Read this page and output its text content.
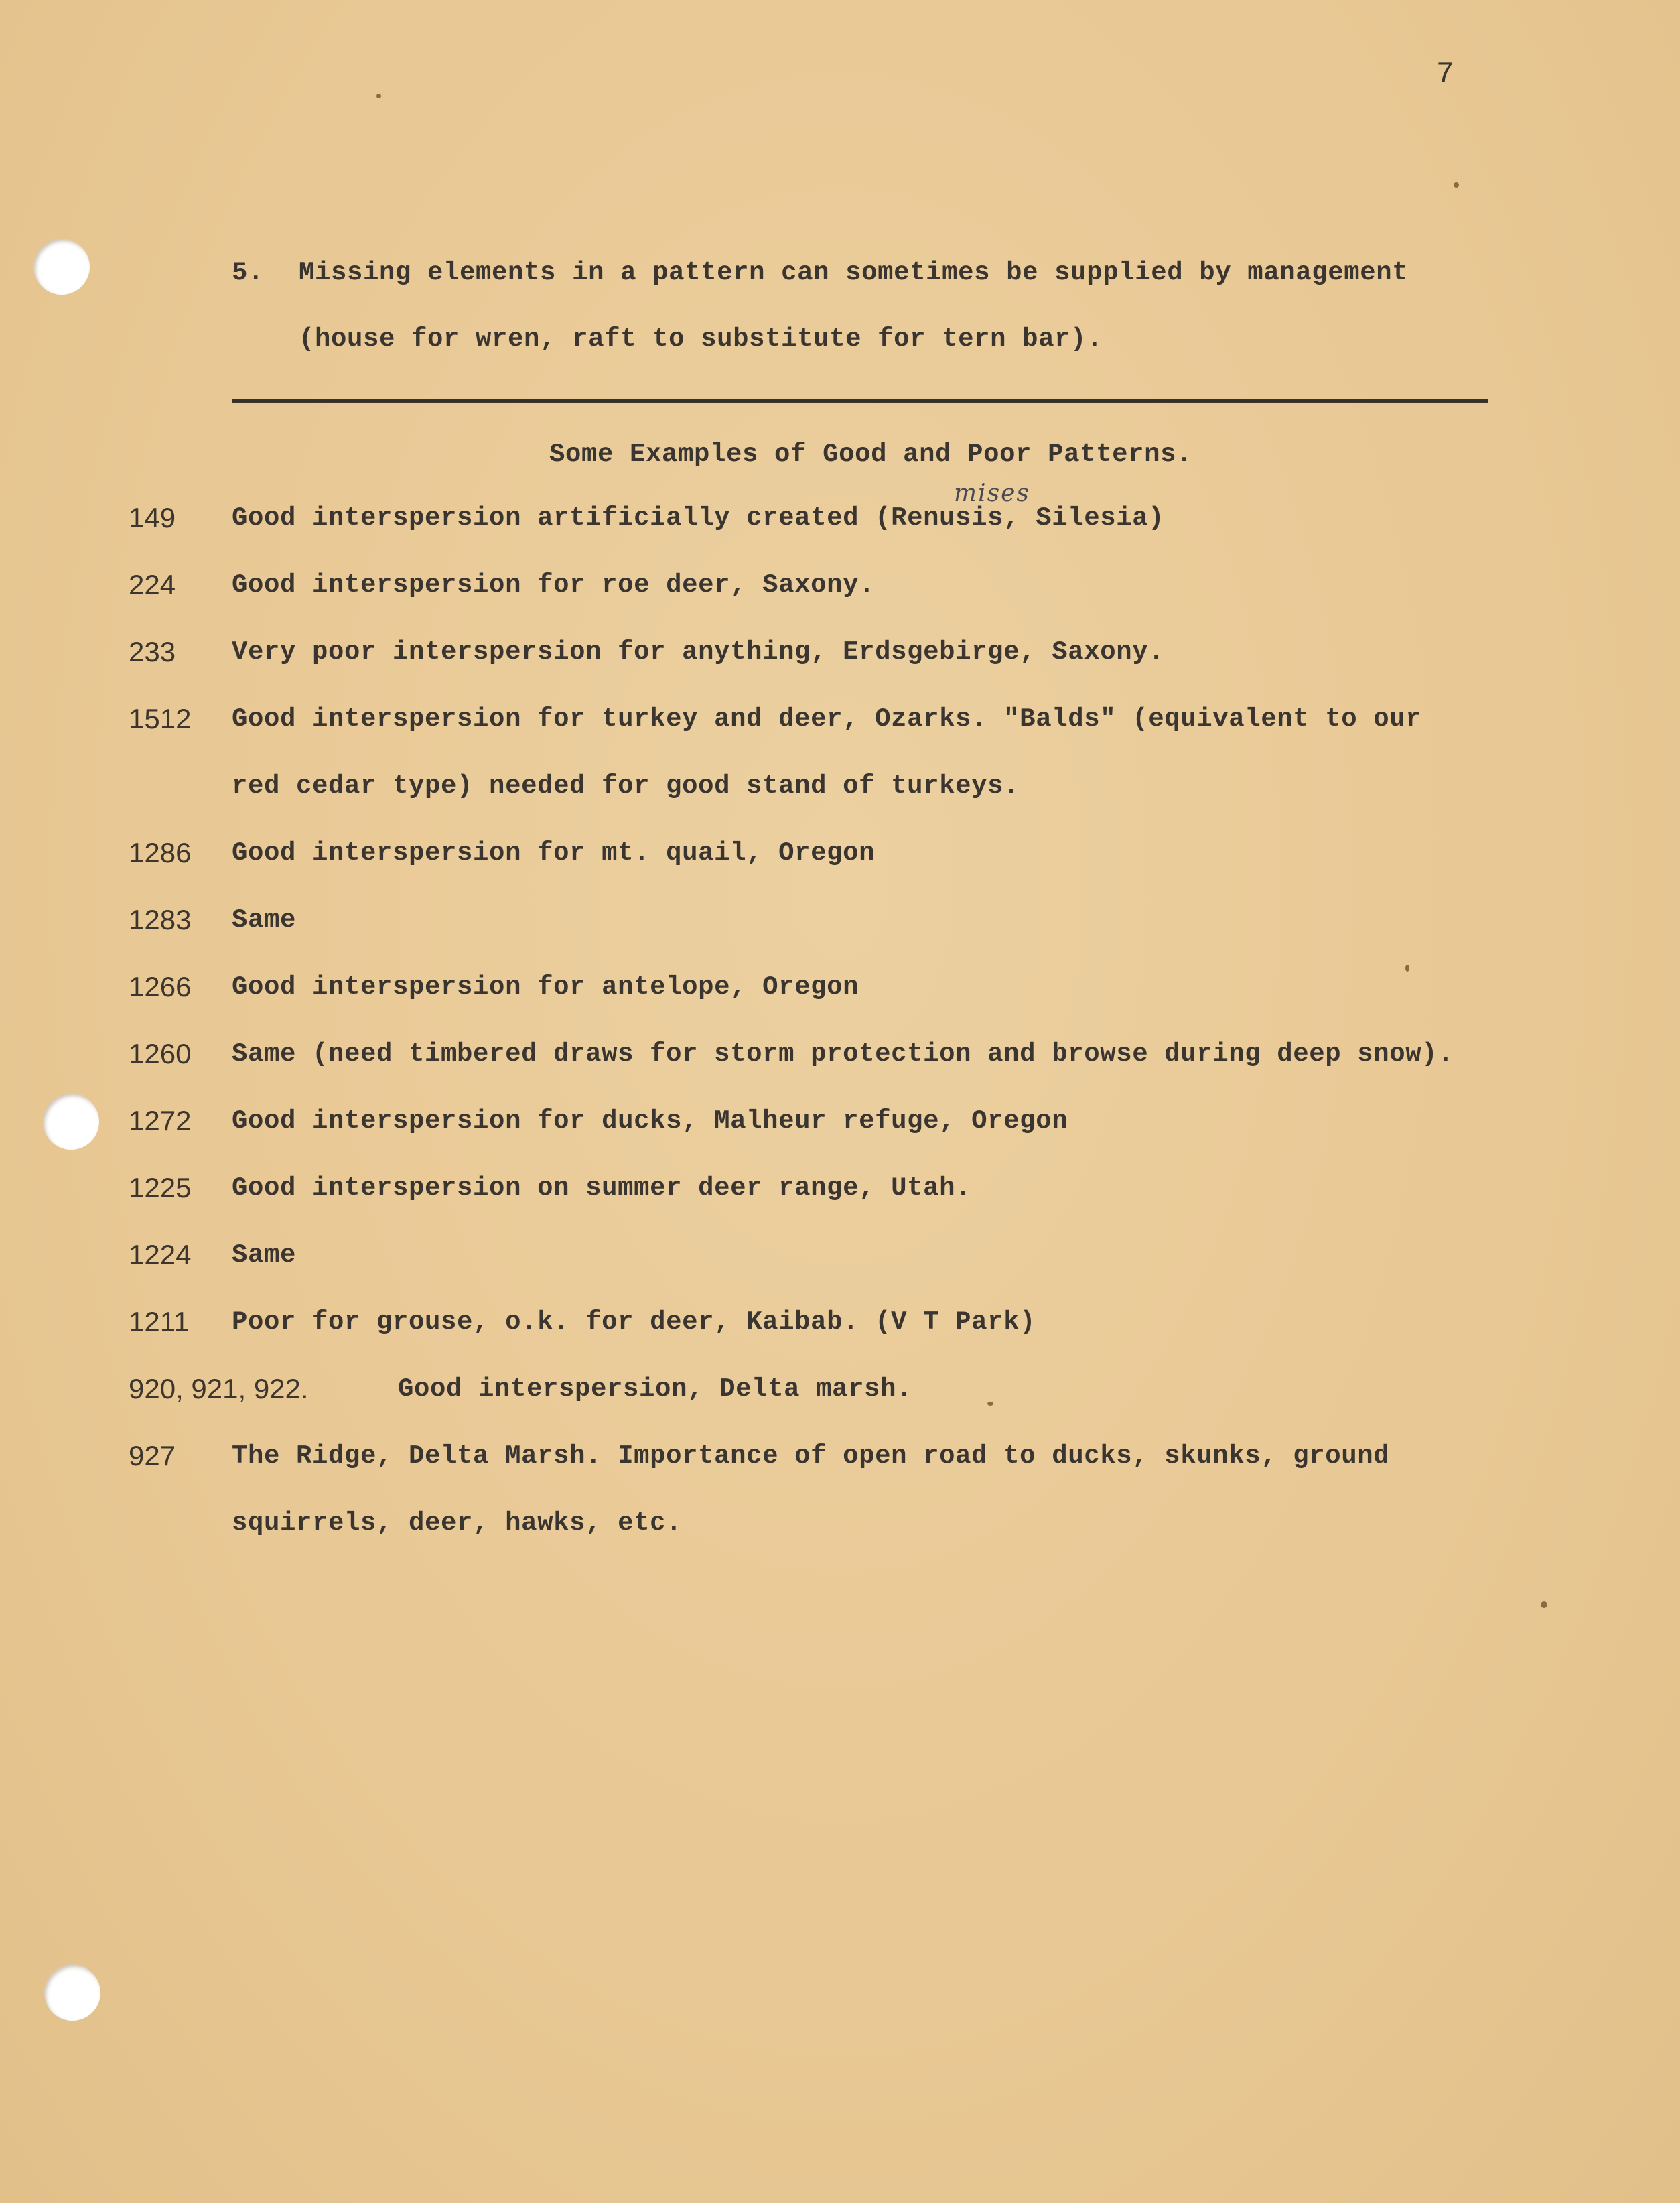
7
5. Missing elements in a pattern can sometimes be supplied by management
(house for wren, raft to substitute for tern bar).
Some Examples of Good and Poor Patterns.
mises
149 Good interspersion artificially created (Renusis, Silesia)
224 Good interspersion for roe deer, Saxony.
233 Very poor interspersion for anything, Erdsgebirge, Saxony.
1512 Good interspersion for turkey and deer, Ozarks. "Balds" (equivalent to our
red cedar type) needed for good stand of turkeys.
1286 Good interspersion for mt. quail, Oregon
1283 Same
1266 Good interspersion for antelope, Oregon
1260 Same (need timbered draws for storm protection and browse during deep snow).
1272 Good interspersion for ducks, Malheur refuge, Oregon
1225 Good interspersion on summer deer range, Utah.
1224 Same
1211 Poor for grouse, o.k. for deer, Kaibab. (V T Park)
920, 921, 922.	Good interspersion, Delta marsh.
927 The Ridge, Delta Marsh. Importance of open road to ducks, skunks, ground
squirrels, deer, hawks, etc.
